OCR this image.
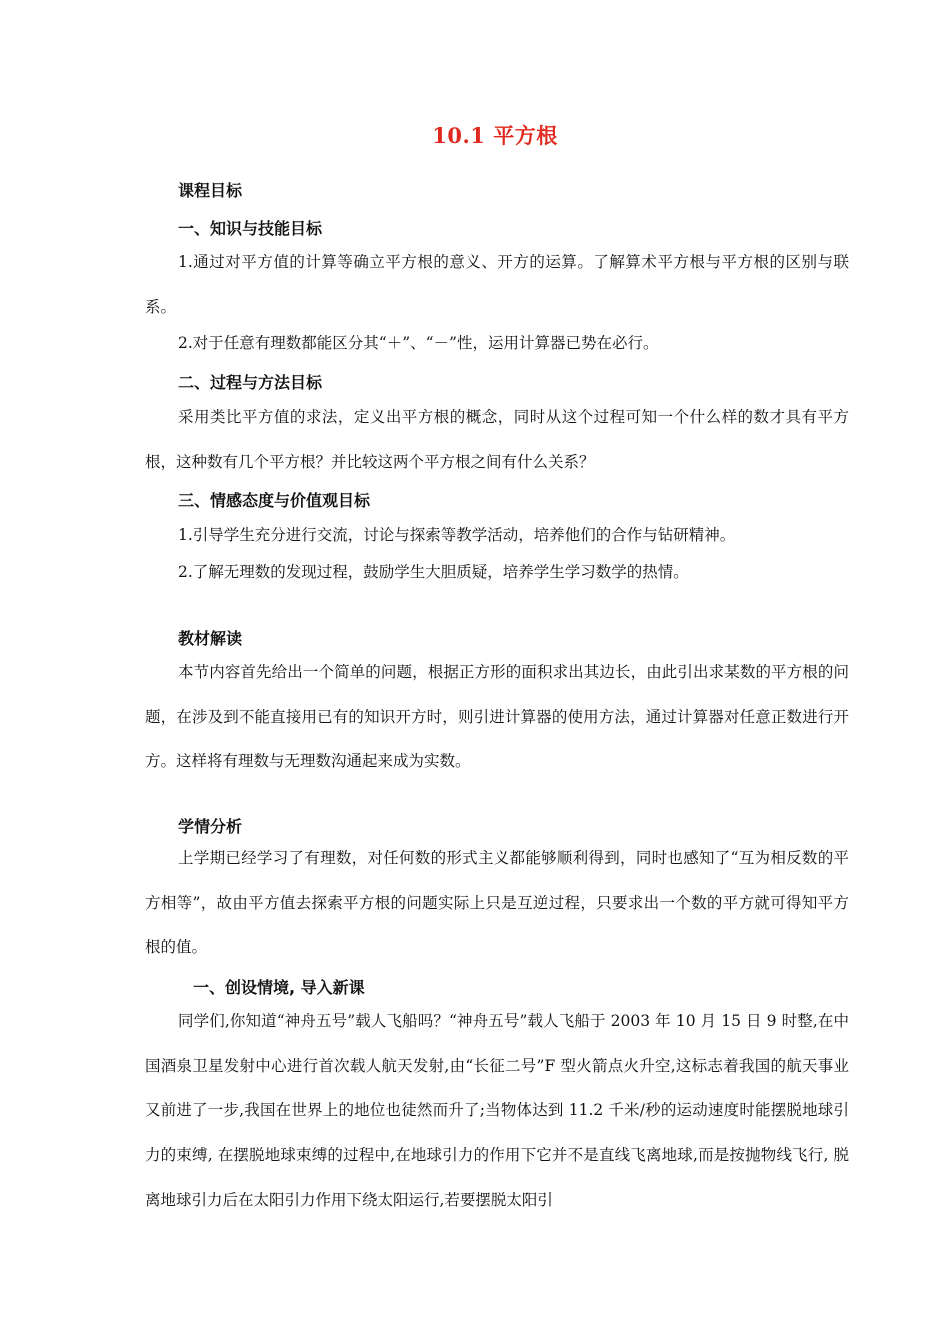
10.1 平方根
课程目标
一、知识与技能目标

1.通过对平方值的计算等确立平方根的意义、开方的运算。了解算术平方根与平方根的区别与联系。

2.对于任意有理数都能区分其“＋”、“－”性，运用计算器已势在必行。

二、过程与方法目标

采用类比平方值的求法，定义出平方根的概念，同时从这个过程可知一个什么样的数才具有平方根，这种数有几个平方根？并比较这两个平方根之间有什么关系？

三、情感态度与价值观目标

1.引导学生充分进行交流，讨论与探索等教学活动，培养他们的合作与钻研精神。

2.了解无理数的发现过程，鼓励学生大胆质疑，培养学生学习数学的热情。

教材解读

本节内容首先给出一个简单的问题，根据正方形的面积求出其边长，由此引出求某数的平方根的问题，在涉及到不能直接用已有的知识开方时，则引进计算器的使用方法，通过计算器对任意正数进行开方。这样将有理数与无理数沟通起来成为实数。

学情分析

上学期已经学习了有理数，对任何数的形式主义都能够顺利得到，同时也感知了“互为相反数的平方相等”，故由平方值去探索平方根的问题实际上只是互逆过程，只要求出一个数的平方就可得知平方根的值。

一、创设情境, 导入新课

同学们,你知道“神舟五号”载人飞船吗？“神舟五号”载人飞船于 2003 年 10 月 15 日 9 时整,在中国酒泉卫星发射中心进行首次载人航天发射,由“长征二号”F 型火箭点火升空,这标志着我国的航天事业又前进了一步,我国在世界上的地位也徒然而升了;当物体达到 11.2 千米/秒的运动速度时能摆脱地球引力的束缚, 在摆脱地球束缚的过程中,在地球引力的作用下它并不是直线飞离地球,而是按抛物线飞行, 脱离地球引力后在太阳引力作用下绕太阳运行,若要摆脱太阳引
